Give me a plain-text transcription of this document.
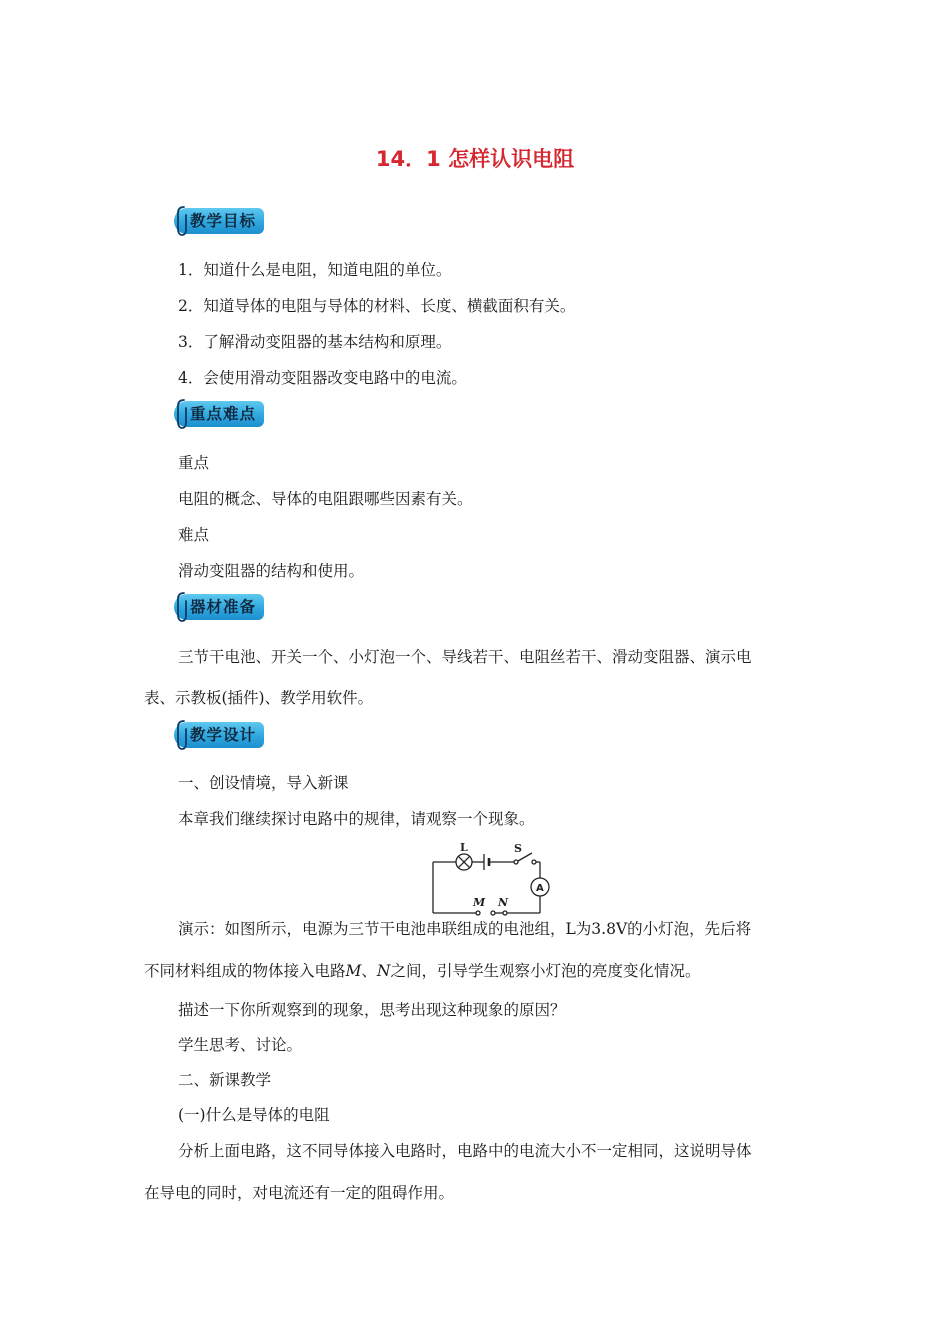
14．1 怎样认识电阻
教学目标
1．知道什么是电阻，知道电阻的单位。
2．知道导体的电阻与导体的材料、长度、横截面积有关。
3．了解滑动变阻器的基本结构和原理。
4．会使用滑动变阻器改变电路中的电流。
重点难点
重点
电阻的概念、导体的电阻跟哪些因素有关。
难点
滑动变阻器的结构和使用。
器材准备
三节干电池、开关一个、小灯泡一个、导线若干、电阻丝若干、滑动变阻器、演示电
表、示教板(插件)、教学用软件。
教学设计
一、创设情境，导入新课
本章我们继续探讨电路中的规律，请观察一个现象。
L	S
A
M N
演示：如图所示，电源为三节干电池串联组成的电池组，L为3.8V的小灯泡，先后将
不同材料组成的物体接入电路M、N之间，引导学生观察小灯泡的亮度变化情况。
描述一下你所观察到的现象，思考出现这种现象的原因？
学生思考、讨论。
二、新课教学
(一)什么是导体的电阻
分析上面电路，这不同导体接入电路时，电路中的电流大小不一定相同，这说明导体
在导电的同时，对电流还有一定的阻碍作用。
